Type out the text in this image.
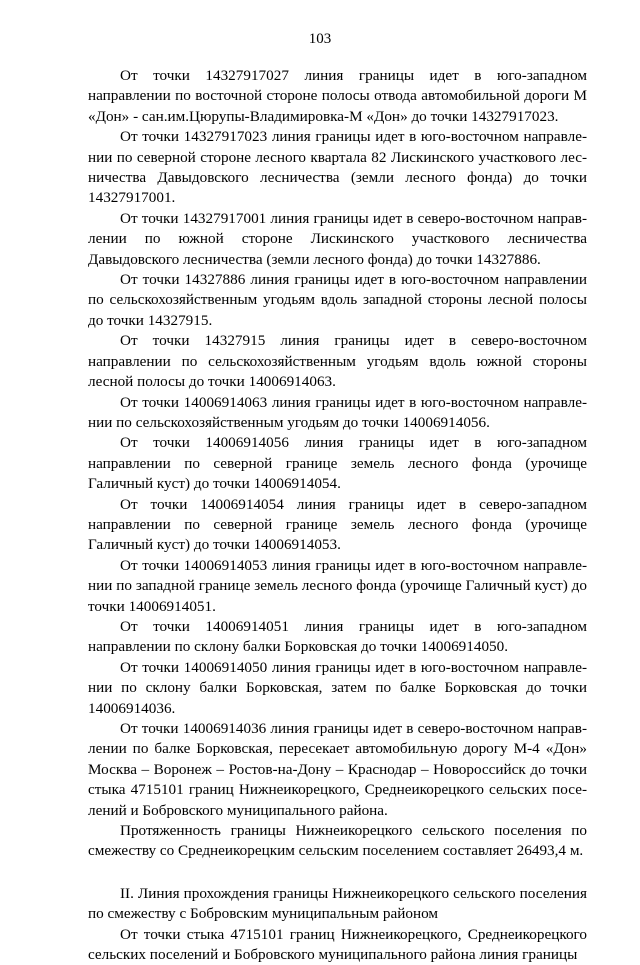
103

От точки 14327917027 линия границы идет в юго-западном направлении по восточной стороне полосы отвода автомобильной дороги М «Дон» - сан.им.Цюрупы-Владимировка-М «Дон» до точки 14327917023.

От точки 14327917023 линия границы идет в юго-восточном направлении по северной стороне лесного квартала 82 Лискинского участкового лесничества Давыдовского лесничества (земли лесного фонда) до точки 14327917001.

От точки 14327917001 линия границы идет в северо-восточном направлении по южной стороне Лискинского участкового лесничества Давыдовского лесничества (земли лесного фонда) до точки 14327886.

От точки 14327886 линия границы идет в юго-восточном направлении по сельскохозяйственным угодьям вдоль западной стороны лесной полосы до точки 14327915.

От точки 14327915 линия границы идет в северо-восточном направлении по сельскохозяйственным угодьям вдоль южной стороны лесной полосы до точки 14006914063.

От точки 14006914063 линия границы идет в юго-восточном направлении по сельскохозяйственным угодьям до точки 14006914056.

От точки 14006914056 линия границы идет в юго-западном направлении по северной границе земель лесного фонда (урочище Галичный куст) до точки 14006914054.

От точки 14006914054 линия границы идет в северо-западном направлении по северной границе земель лесного фонда (урочище Галичный куст) до точки 14006914053.

От точки 14006914053 линия границы идет в юго-восточном направлении по западной границе земель лесного фонда (урочище Галичный куст) до точки 14006914051.

От точки 14006914051 линия границы идет в юго-западном направлении по склону балки Борковская до точки 14006914050.

От точки 14006914050 линия границы идет в юго-восточном направлении по склону балки Борковская, затем по балке Борковская до точки 14006914036.

От точки 14006914036 линия границы идет в северо-восточном направлении по балке Борковская, пересекает автомобильную дорогу М-4 «Дон» Москва – Воронеж – Ростов-на-Дону – Краснодар – Новороссийск до точки стыка 4715101 границ Нижнеикорецкого, Среднеикорецкого сельских поселений и Бобровского муниципального района.

Протяженность границы Нижнеикорецкого сельского поселения по смежеству со Среднеикорецким сельским поселением составляет 26493,4 м.

II. Линия прохождения границы Нижнеикорецкого сельского поселения по смежеству с Бобровским муниципальным районом

От точки стыка 4715101 границ Нижнеикорецкого, Среднеикорецкого сельских поселений и Бобровского муниципального района линия границы
